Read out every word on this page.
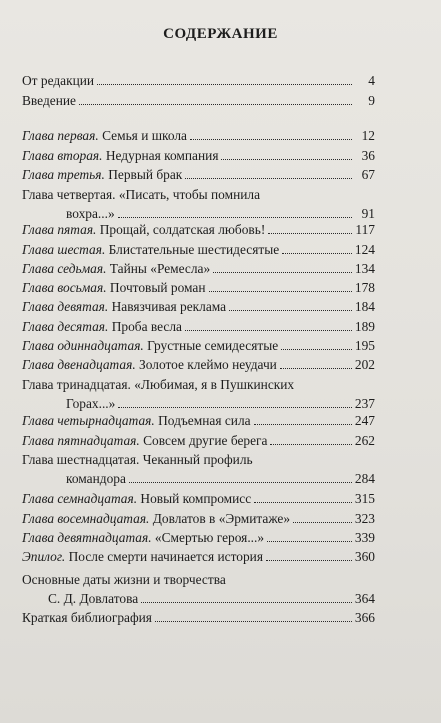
СОДЕРЖАНИЕ
От редакции	4
Введение	9
Глава первая. Семья и школа	12
Глава вторая. Недурная компания	36
Глава третья. Первый брак	67
Глава четвертая. «Писать, чтобы помнила
вохра...»	91
Глава пятая. Прощай, солдатская любовь!	117
Глава шестая. Блистательные шестидесятые	124
Глава седьмая. Тайны «Ремесла»	134
Глава восьмая. Почтовый роман	178
Глава девятая. Навязчивая реклама	184
Глава десятая. Проба весла	189
Глава одиннадцатая. Грустные семидесятые	195
Глава двенадцатая. Золотое клеймо неудачи	202
Глава тринадцатая. «Любимая, я в Пушкинских
Горах...»	237
Глава четырнадцатая. Подъемная сила	247
Глава пятнадцатая. Совсем другие берега	262
Глава шестнадцатая. Чеканный профиль
командора	284
Глава семнадцатая. Новый компромисс	315
Глава восемнадцатая. Довлатов в «Эрмитаже»	323
Глава девятнадцатая. «Смертью героя...»	339
Эпилог. После смерти начинается история	360
Основные даты жизни и творчества
С. Д. Довлатова	364
Краткая библиография	366
